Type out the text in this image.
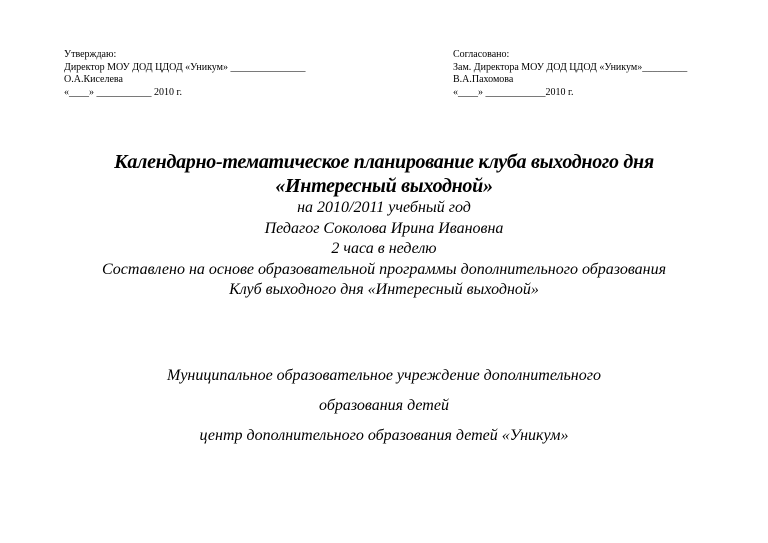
Утверждаю:
Директор МОУ ДОД ЦДОД «Уникум» _______________
О.А.Киселева
«____» ___________ 2010 г.
Согласовано:
Зам. Директора МОУ ДОД ЦДОД «Уникум»_________
В.А.Пахомова
«____» ____________2010 г.
Календарно-тематическое планирование клуба выходного дня
«Интересный выходной»
на 2010/2011 учебный год
Педагог Соколова Ирина Ивановна
2 часа в неделю
Составлено на основе образовательной программы дополнительного образования
Клуб выходного дня «Интересный выходной»
Муниципальное образовательное учреждение дополнительного
образования детей
центр дополнительного образования детей «Уникум»
